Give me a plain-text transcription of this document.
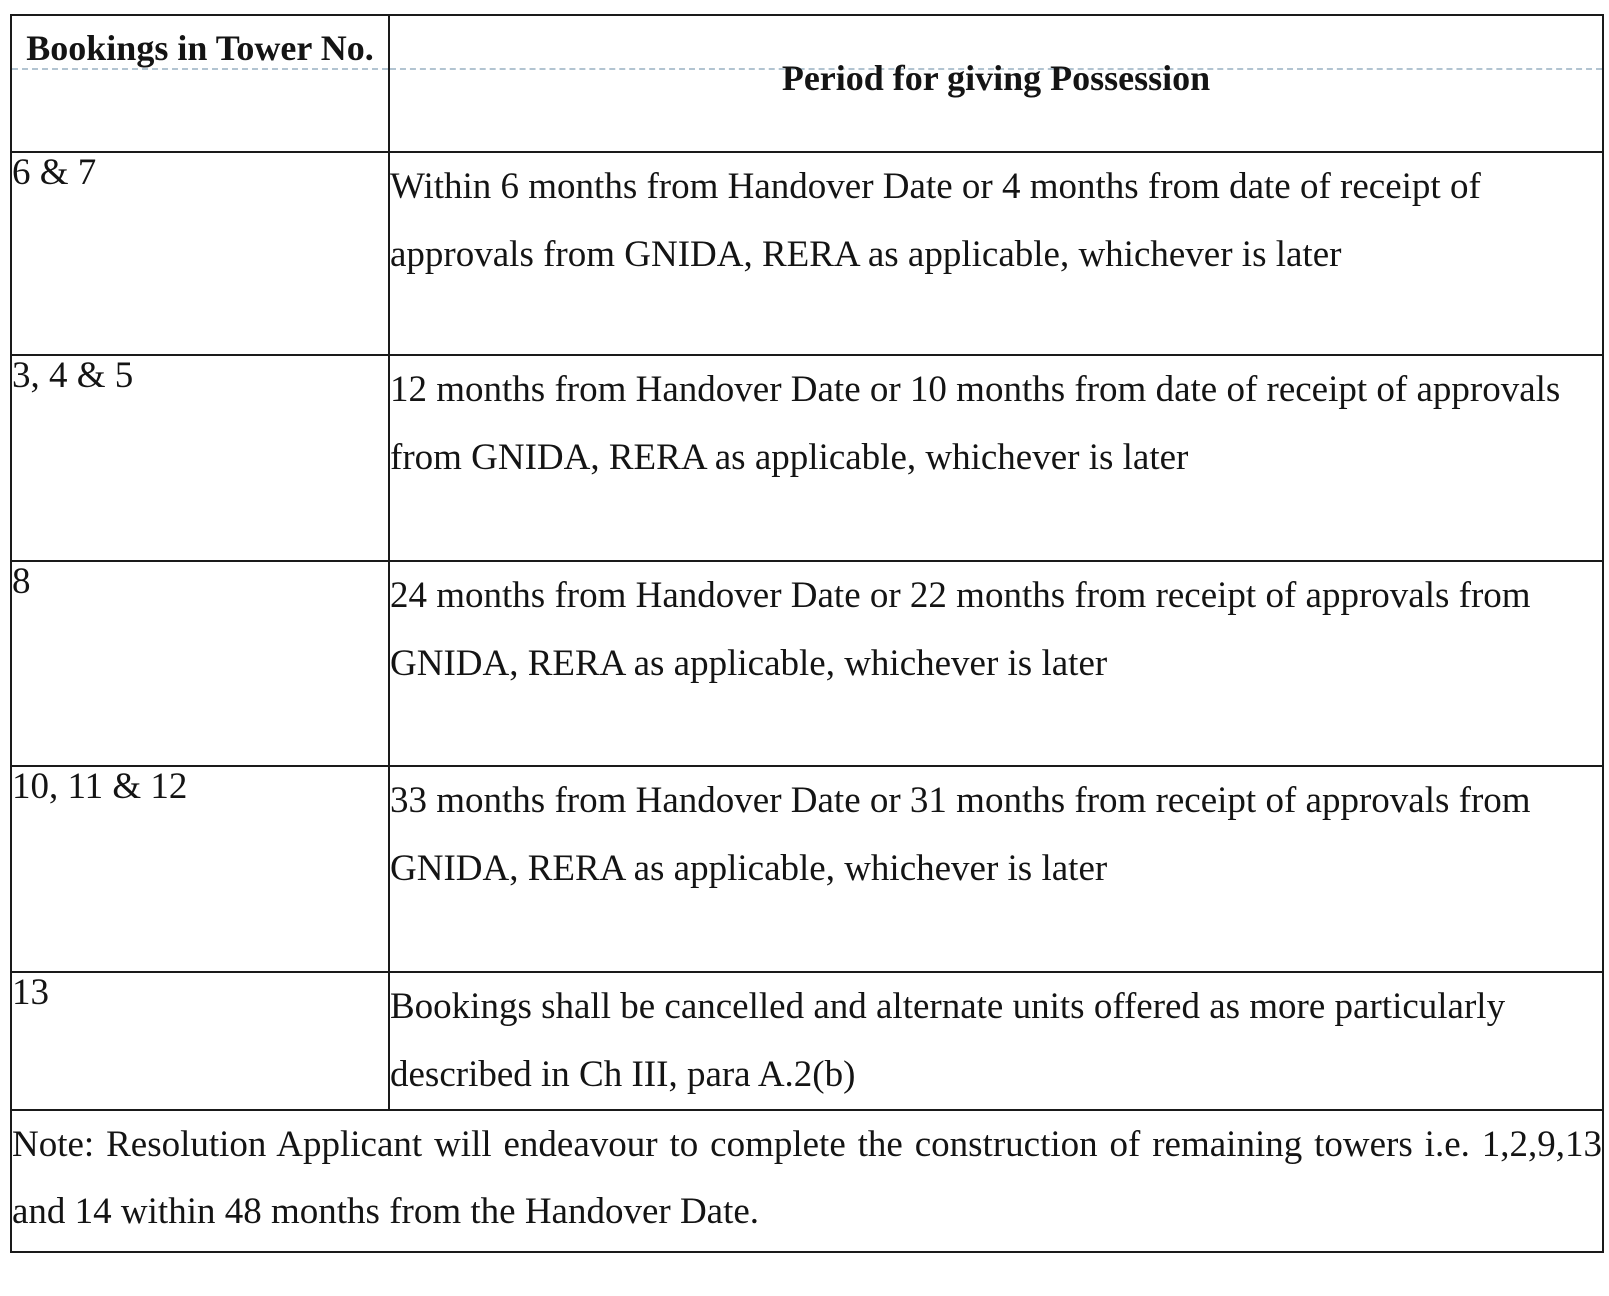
Bookings in Tower No.	Period for giving Possession

6 & 7	Within 6 months from Handover Date or 4 months from date of receipt of approvals from GNIDA, RERA as applicable, whichever is later
3, 4 & 5	12 months from Handover Date or 10 months from date of receipt of approvals from GNIDA, RERA as applicable, whichever is later
8	24 months from Handover Date or 22 months from receipt of approvals from GNIDA, RERA as applicable, whichever is later
10, 11 & 12	33 months from Handover Date or 31 months from receipt of approvals from GNIDA, RERA as applicable, whichever is later
13	Bookings shall be cancelled and alternate units offered as more particularly described in Ch III, para A.2(b)
Note: Resolution Applicant will endeavour to complete the construction of remaining towers i.e. 1,2,9,13 and 14 within 48 months from the Handover Date.	
